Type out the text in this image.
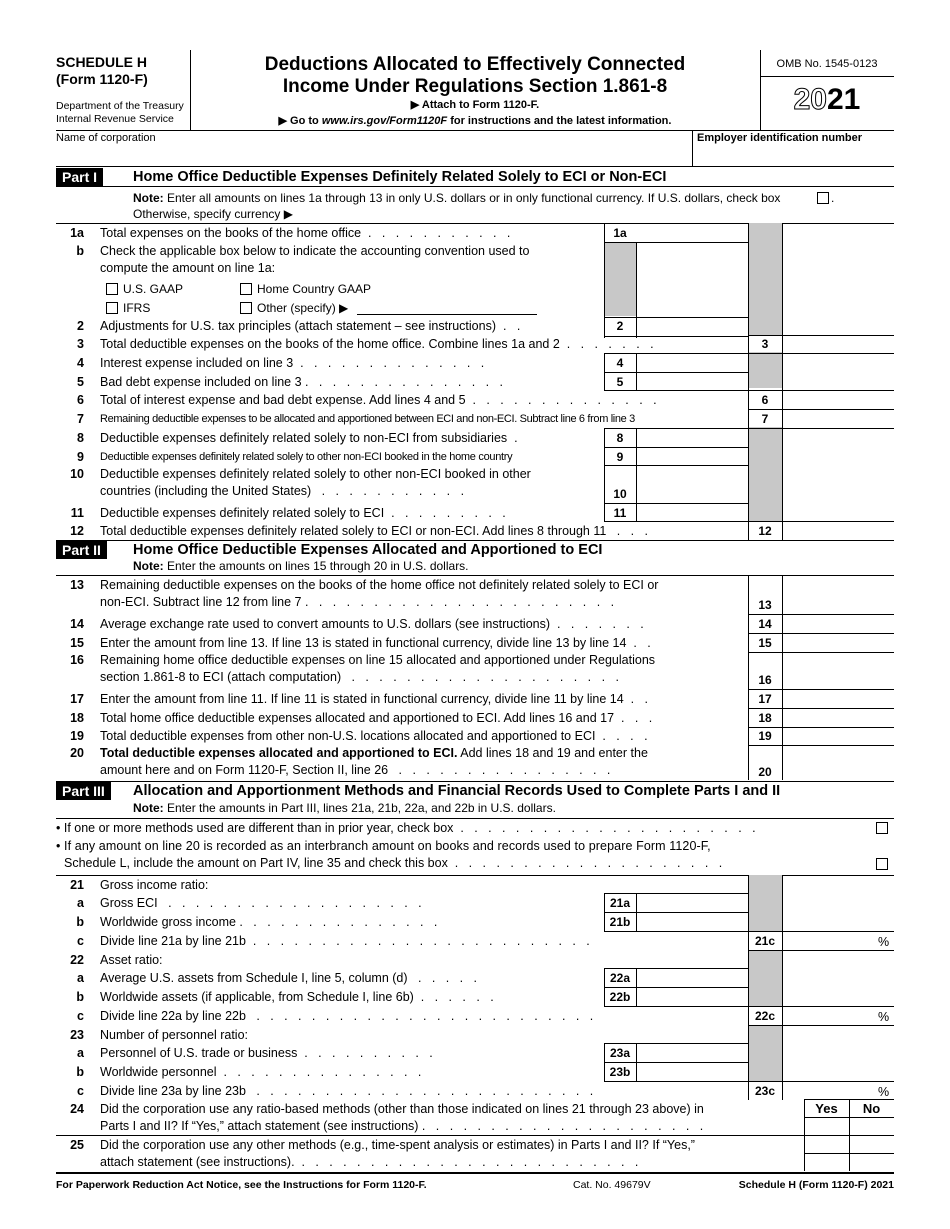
SCHEDULE H
(Form 1120-F)
Department of the Treasury
Internal Revenue Service
Deductions Allocated to Effectively Connected
Income Under Regulations Section 1.861-8
▶ Attach to Form 1120-F.
▶ Go to www.irs.gov/Form1120F for instructions and the latest information.
OMB No. 1545-0123
2021
Name of corporation	Employer identification number
Part I	Home Office Deductible Expenses Definitely Related Solely to ECI or Non-ECI
Note: Enter all amounts on lines 1a through 13 in only U.S. dollars or in only functional currency. If U.S. dollars, check box	.
Otherwise, specify currency ▶
1a Total expenses on the books of the home office  .   .   .   .   .   .   .   .   .   .   .	1a
b Check the applicable box below to indicate the accounting convention used to
compute the amount on line 1a:
U.S. GAAP	Home Country GAAP
IFRS	Other (specify) ▶
2 Adjustments for U.S. tax principles (attach statement – see instructions)  .   .	2
3 Total deductible expenses on the books of the home office. Combine lines 1a and 2  .   .   .   .   .   .   .	3
4 Interest expense included on line 3  .   .   .   .   .   .   .   .   .   .   .   .   .   .	4
5 Bad debt expense included on line 3 .   .   .   .   .   .   .   .   .   .   .   .   .   .   .	5
6 Total of interest expense and bad debt expense. Add lines 4 and 5  .   .   .   .   .   .   .   .   .   .   .   .   .   .	6
7 Remaining deductible expenses to be allocated and apportioned between ECI and non-ECI. Subtract line 6 from line 3	7
8 Deductible expenses definitely related solely to non-ECI from subsidiaries  .	8
9 Deductible expenses definitely related solely to other non-ECI booked in the home country	9
10 Deductible expenses definitely related solely to other non-ECI booked in other
countries (including the United States)   .   .   .   .   .   .   .   .   .   .   .	10
11 Deductible expenses definitely related solely to ECI  .   .   .   .   .   .   .   .   .	11
12 Total deductible expenses definitely related solely to ECI or non-ECI. Add lines 8 through 11   .   .   .	12
Part II	Home Office Deductible Expenses Allocated and Apportioned to ECI
Note: Enter the amounts on lines 15 through 20 in U.S. dollars.
13 Remaining deductible expenses on the books of the home office not definitely related solely to ECI or
non-ECI. Subtract line 12 from line 7 .   .   .   .   .   .   .   .   .   .   .   .   .   .   .   .   .   .   .   .   .   .   .	13
14 Average exchange rate used to convert amounts to U.S. dollars (see instructions)  .   .   .   .   .   .   .	14
15 Enter the amount from line 13. If line 13 is stated in functional currency, divide line 13 by line 14  .   .	15
16 Remaining home office deductible expenses on line 15 allocated and apportioned under Regulations
section 1.861-8 to ECI (attach computation)   .   .   .   .   .   .   .   .   .   .   .   .   .   .   .   .   .   .   .   .	16
17 Enter the amount from line 11. If line 11 is stated in functional currency, divide line 11 by line 14  .   .	17
18 Total home office deductible expenses allocated and apportioned to ECI. Add lines 16 and 17  .   .   .	18
19 Total deductible expenses from other non-U.S. locations allocated and apportioned to ECI  .   .   .   .	19
20 Total deductible expenses allocated and apportioned to ECI. Add lines 18 and 19 and enter the
amount here and on Form 1120-F, Section II, line 26   .   .   .   .   .   .   .   .   .   .   .   .   .   .   .   .	20
Part III	Allocation and Apportionment Methods and Financial Records Used to Complete Parts I and II
Note: Enter the amounts in Part III, lines 21a, 21b, 22a, and 22b in U.S. dollars.
• If one or more methods used are different than in prior year, check box  .   .   .   .   .   .   .   .   .   .   .   .   .   .   .   .   .   .   .   .   .   .
• If any amount on line 20 is recorded as an interbranch amount on books and records used to prepare Form 1120-F,
Schedule L, include the amount on Part IV, line 35 and check this box  .   .   .   .   .   .   .   .   .   .   .   .   .   .   .   .   .   .   .   .
21 Gross income ratio:
a Gross ECI   .   .   .   .   .   .   .   .   .   .   .   .   .   .   .   .   .   .   .	21a
b Worldwide gross income .   .   .   .   .   .   .   .   .   .   .   .   .   .   .	21b
c Divide line 21a by line 21b  .   .   .   .   .   .   .   .   .   .   .   .   .   .   .   .   .   .   .   .   .   .   .   .   .	21c	%
22 Asset ratio:
a Average U.S. assets from Schedule I, line 5, column (d)   .   .   .   .   .	22a
b Worldwide assets (if applicable, from Schedule I, line 6b)  .   .   .   .   .   .	22b
c Divide line 22a by line 22b   .   .   .   .   .   .   .   .   .   .   .   .   .   .   .   .   .   .   .   .   .   .   .   .   .	22c	%
23 Number of personnel ratio:
a Personnel of U.S. trade or business  .   .   .   .   .   .   .   .   .   .	23a
b Worldwide personnel  .   .   .   .   .   .   .   .   .   .   .   .   .   .   .	23b
c Divide line 23a by line 23b   .   .   .   .   .   .   .   .   .   .   .   .   .   .   .   .   .   .   .   .   .   .   .   .   .	23c	%
Yes	No
24 Did the corporation use any ratio-based methods (other than those indicated on lines 21 through 23 above) in
Parts I and II? If “Yes,” attach statement (see instructions) .   .   .   .   .   .   .   .   .   .   .   .   .   .   .   .   .   .   .   .   .
25 Did the corporation use any other methods (e.g., time-spent analysis or estimates) in Parts I and II? If “Yes,”
attach statement (see instructions).  .   .   .   .   .   .   .   .   .   .   .   .   .   .   .   .   .   .   .   .   .   .   .   .   .
For Paperwork Reduction Act Notice, see the Instructions for Form 1120-F.	Cat. No. 49679V	Schedule H (Form 1120-F) 2021
